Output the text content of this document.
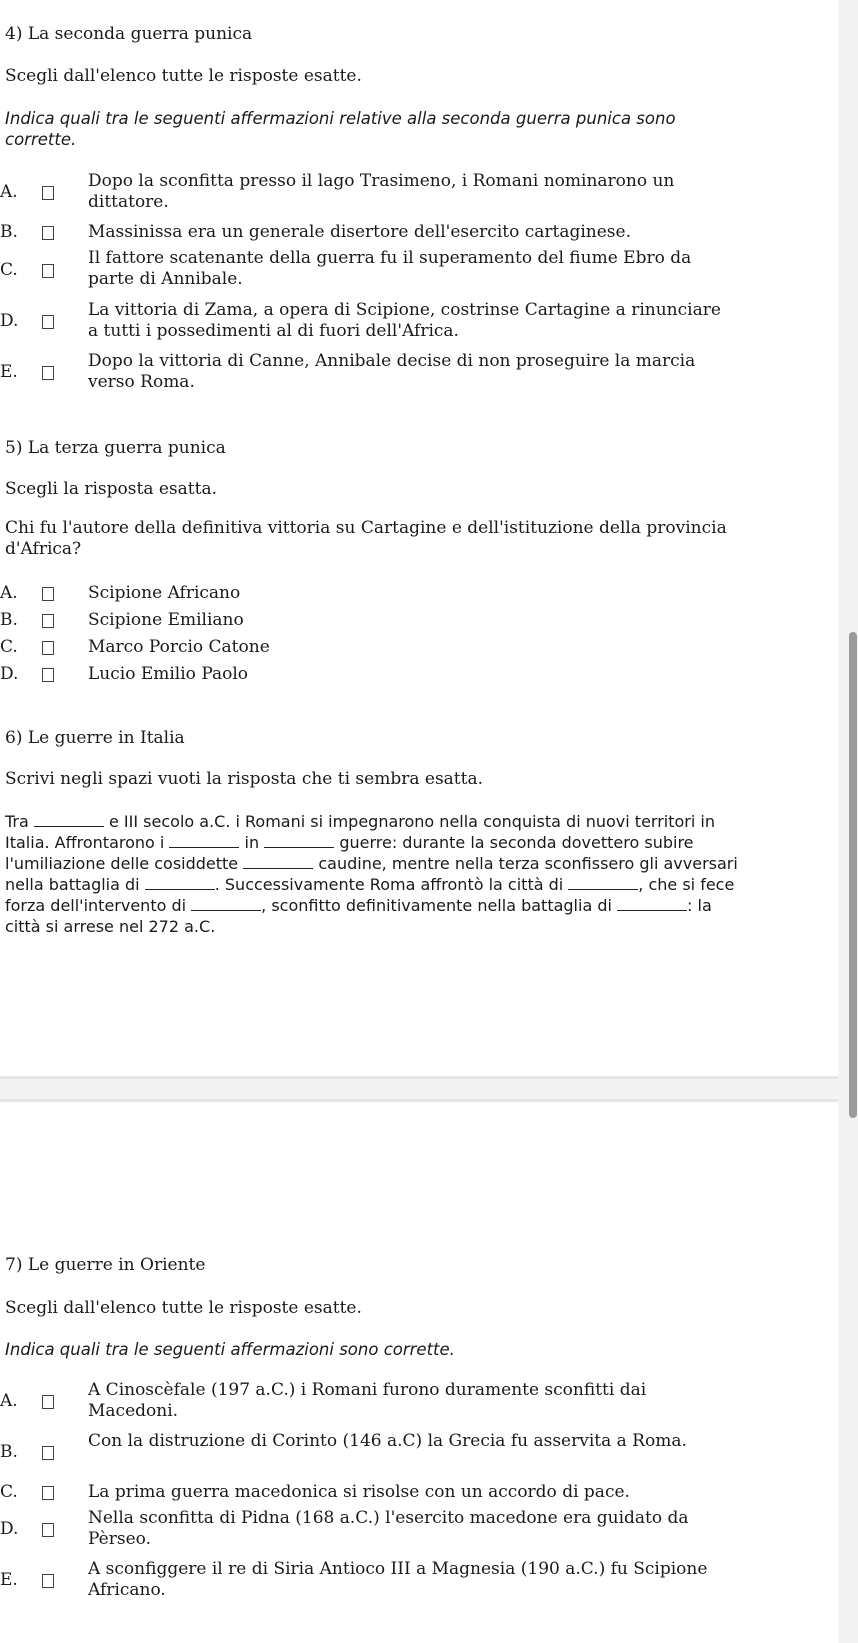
4) La seconda guerra punica

Scegli dall'elenco tutte le risposte esatte.

Indica quali tra le seguenti affermazioni relative alla seconda guerra punica sono corrette.

A.
Dopo la sconfitta presso il lago Trasimeno, i Romani nominarono un dittatore.
B.	Massinissa era un generale disertore dell'esercito cartaginese.
C.
Il fattore scatenante della guerra fu il superamento del fiume Ebro da parte di Annibale.
D.
La vittoria di Zama, a opera di Scipione, costrinse Cartagine a rinunciare a tutti i possedimenti al di fuori dell'Africa.
E.
Dopo la vittoria di Canne, Annibale decise di non proseguire la marcia verso Roma.

5) La terza guerra punica

Scegli la risposta esatta.

Chi fu l'autore della definitiva vittoria su Cartagine e dell'istituzione della provincia d'Africa?

A.	Scipione Africano
B.	Scipione Emiliano
C.	Marco Porcio Catone
D.	Lucio Emilio Paolo

6) Le guerre in Italia

Scrivi negli spazi vuoti la risposta che ti sembra esatta.

Tra	e III secolo a.C. i Romani si impegnarono nella conquista di nuovi territori in Italia. Affrontarono i	in	guerre: durante la seconda dovettero subire l'umiliazione delle cosiddette	caudine, mentre nella terza sconfissero gli avversari nella battaglia di	. Successivamente Roma affrontò la città di	, che si fece forza dell'intervento di	, sconfitto definitivamente nella battaglia di	: la città si arrese nel 272 a.C.

7) Le guerre in Oriente

Scegli dall'elenco tutte le risposte esatte.

Indica quali tra le seguenti affermazioni sono corrette.

A.
A Cinoscèfale (197 a.C.) i Romani furono duramente sconfitti dai Macedoni.
B.
Con la distruzione di Corinto (146 a.C) la Grecia fu asservita a Roma.
C.	La prima guerra macedonica si risolse con un accordo di pace.
D.
Nella sconfitta di Pidna (168 a.C.) l'esercito macedone era guidato da Pèrseo.
E.
A sconfiggere il re di Siria Antioco III a Magnesia (190 a.C.) fu Scipione Africano.
